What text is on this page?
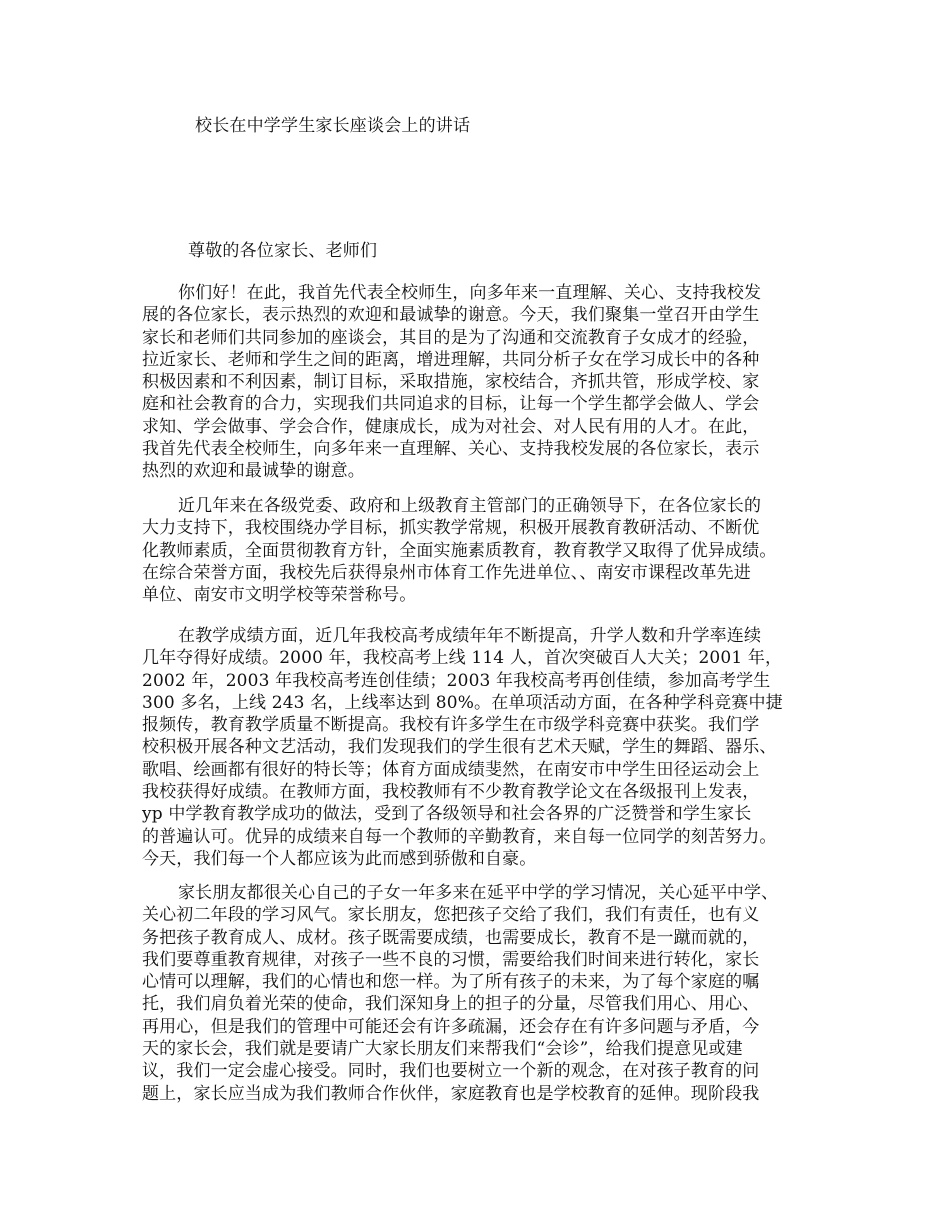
校长在中学学生家长座谈会上的讲话
尊敬的各位家长、老师们
你们好！在此，我首先代表全校师生，向多年来一直理解、关心、支持我校发
展的各位家长，表示热烈的欢迎和最诚挚的谢意。今天，我们聚集一堂召开由学生
家长和老师们共同参加的座谈会，其目的是为了沟通和交流教育子女成才的经验，
拉近家长、老师和学生之间的距离，增进理解，共同分析子女在学习成长中的各种
积极因素和不利因素，制订目标，采取措施，家校结合，齐抓共管，形成学校、家
庭和社会教育的合力，实现我们共同追求的目标，让每一个学生都学会做人、学会
求知、学会做事、学会合作，健康成长，成为对社会、对人民有用的人才。在此，
我首先代表全校师生，向多年来一直理解、关心、支持我校发展的各位家长，表示
热烈的欢迎和最诚挚的谢意。
近几年来在各级党委、政府和上级教育主管部门的正确领导下，在各位家长的
大力支持下，我校围绕办学目标，抓实教学常规，积极开展教育教研活动、不断优
化教师素质，全面贯彻教育方针，全面实施素质教育，教育教学又取得了优异成绩。
在综合荣誉方面，我校先后获得泉州市体育工作先进单位、、南安市课程改革先进
单位、南安市文明学校等荣誉称号。
在教学成绩方面，近几年我校高考成绩年年不断提高，升学人数和升学率连续
几年夺得好成绩。2000 年，我校高考上线 114 人，首次突破百人大关；2001 年，
2002 年，2003 年我校高考连创佳绩；2003 年我校高考再创佳绩，参加高考学生
300 多名，上线 243 名，上线率达到 80%。在单项活动方面，在各种学科竞赛中捷
报频传，教育教学质量不断提高。我校有许多学生在市级学科竞赛中获奖。我们学
校积极开展各种文艺活动，我们发现我们的学生很有艺术天赋，学生的舞蹈、器乐、
歌唱、绘画都有很好的特长等；体育方面成绩斐然，在南安市中学生田径运动会上
我校获得好成绩。在教师方面，我校教师有不少教育教学论文在各级报刊上发表，
yp 中学教育教学成功的做法，受到了各级领导和社会各界的广泛赞誉和学生家长
的普遍认可。优异的成绩来自每一个教师的辛勤教育，来自每一位同学的刻苦努力。
今天，我们每一个人都应该为此而感到骄傲和自豪。
家长朋友都很关心自己的子女一年多来在延平中学的学习情况，关心延平中学、
关心初二年段的学习风气。家长朋友，您把孩子交给了我们，我们有责任，也有义
务把孩子教育成人、成材。孩子既需要成绩，也需要成长，教育不是一蹴而就的，
我们要尊重教育规律，对孩子一些不良的习惯，需要给我们时间来进行转化，家长
心情可以理解，我们的心情也和您一样。为了所有孩子的未来，为了每个家庭的嘱
托，我们肩负着光荣的使命，我们深知身上的担子的分量，尽管我们用心、用心、
再用心，但是我们的管理中可能还会有许多疏漏，还会存在有许多问题与矛盾，今
天的家长会，我们就是要请广大家长朋友们来帮我们“会诊”，给我们提意见或建
议，我们一定会虚心接受。同时，我们也要树立一个新的观念，在对孩子教育的问
题上，家长应当成为我们教师合作伙伴，家庭教育也是学校教育的延伸。现阶段我
